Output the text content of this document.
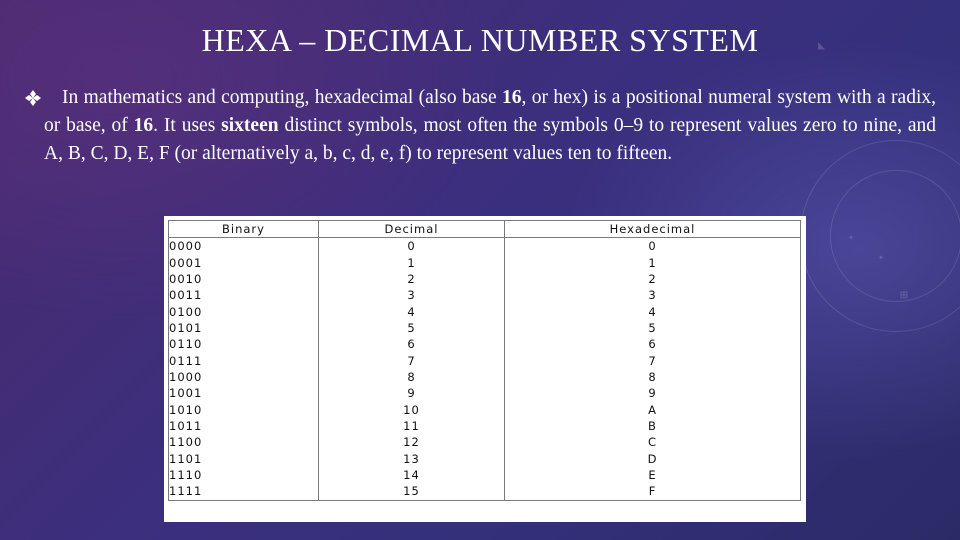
✦
✦
⊞
◣
HEXA – DECIMAL NUMBER SYSTEM

In mathematics and computing, hexadecimal (also base 16, or hex) is a positional numeral system with a radix, or base, of 16. It uses sixteen distinct symbols, most often the symbols 0–9 to represent values zero to nine, and A, B, C, D, E, F (or alternatively a, b, c, d, e, f) to represent values ten to fifteen.

Binary	Decimal	Hexadecimal
0000	0	0
0001	1	1
0010	2	2
0011	3	3
0100	4	4
0101	5	5
0110	6	6
0111	7	7
1000	8	8
1001	9	9
1010	10	A
1011	11	B
1100	12	C
1101	13	D
1110	14	E
1111	15	F
